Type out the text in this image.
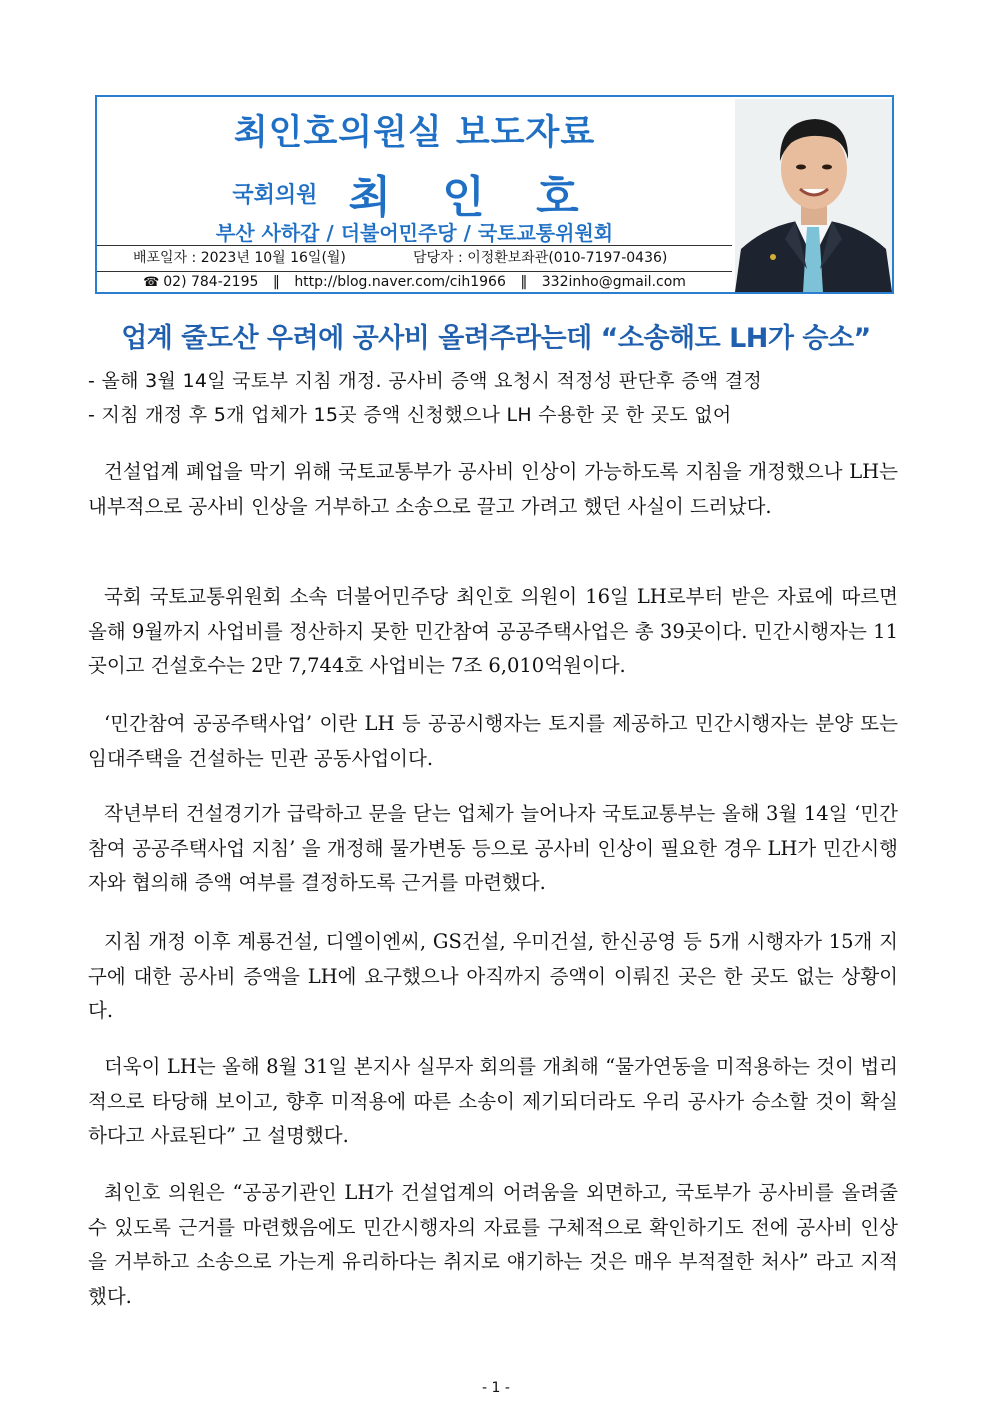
최인호의원실 보도자료
국회의원 최 인 호
부산 사하갑 / 더불어민주당 / 국토교통위원회
배포일자 : 2023년 10월 16일(월)	담당자 : 이정환보좌관(010-7197-0436)
☎ 02) 784-2195 ‖ http://blog.naver.com/cih1966 ‖ 332inho@gmail.com
업계 줄도산 우려에 공사비 올려주라는데 “소송해도 LH가 승소”
- 올해 3월 14일 국토부 지침 개정. 공사비 증액 요청시 적정성 판단후 증액 결정
- 지침 개정 후 5개 업체가 15곳 증액 신청했으나 LH 수용한 곳 한 곳도 없어
건설업계 폐업을 막기 위해 국토교통부가 공사비 인상이 가능하도록 지침을 개정했으나 LH는 내부적으로 공사비 인상을 거부하고 소송으로 끌고 가려고 했던 사실이 드러났다.
국회 국토교통위원회 소속 더불어민주당 최인호 의원이 16일 LH로부터 받은 자료에 따르면 올해 9월까지 사업비를 정산하지 못한 민간참여 공공주택사업은 총 39곳이다. 민간시행자는 11곳이고 건설호수는 2만 7,744호 사업비는 7조 6,010억원이다.
‘민간참여 공공주택사업’ 이란 LH 등 공공시행자는 토지를 제공하고 민간시행자는 분양 또는 임대주택을 건설하는 민관 공동사업이다.
작년부터 건설경기가 급락하고 문을 닫는 업체가 늘어나자 국토교통부는 올해 3월 14일 ‘민간참여 공공주택사업 지침’ 을 개정해 물가변동 등으로 공사비 인상이 필요한 경우 LH가 민간시행자와 협의해 증액 여부를 결정하도록 근거를 마련했다.
지침 개정 이후 계룡건설, 디엘이엔씨, GS건설, 우미건설, 한신공영 등 5개 시행자가 15개 지구에 대한 공사비 증액을 LH에 요구했으나 아직까지 증액이 이뤄진 곳은 한 곳도 없는 상황이다.
더욱이 LH는 올해 8월 31일 본지사 실무자 회의를 개최해 “물가연동을 미적용하는 것이 법리적으로 타당해 보이고, 향후 미적용에 따른 소송이 제기되더라도 우리 공사가 승소할 것이 확실하다고 사료된다” 고 설명했다.
최인호 의원은 “공공기관인 LH가 건설업계의 어려움을 외면하고, 국토부가 공사비를 올려줄 수 있도록 근거를 마련했음에도 민간시행자의 자료를 구체적으로 확인하기도 전에 공사비 인상을 거부하고 소송으로 가는게 유리하다는 취지로 얘기하는 것은 매우 부적절한 처사” 라고 지적했다.
- 1 -
